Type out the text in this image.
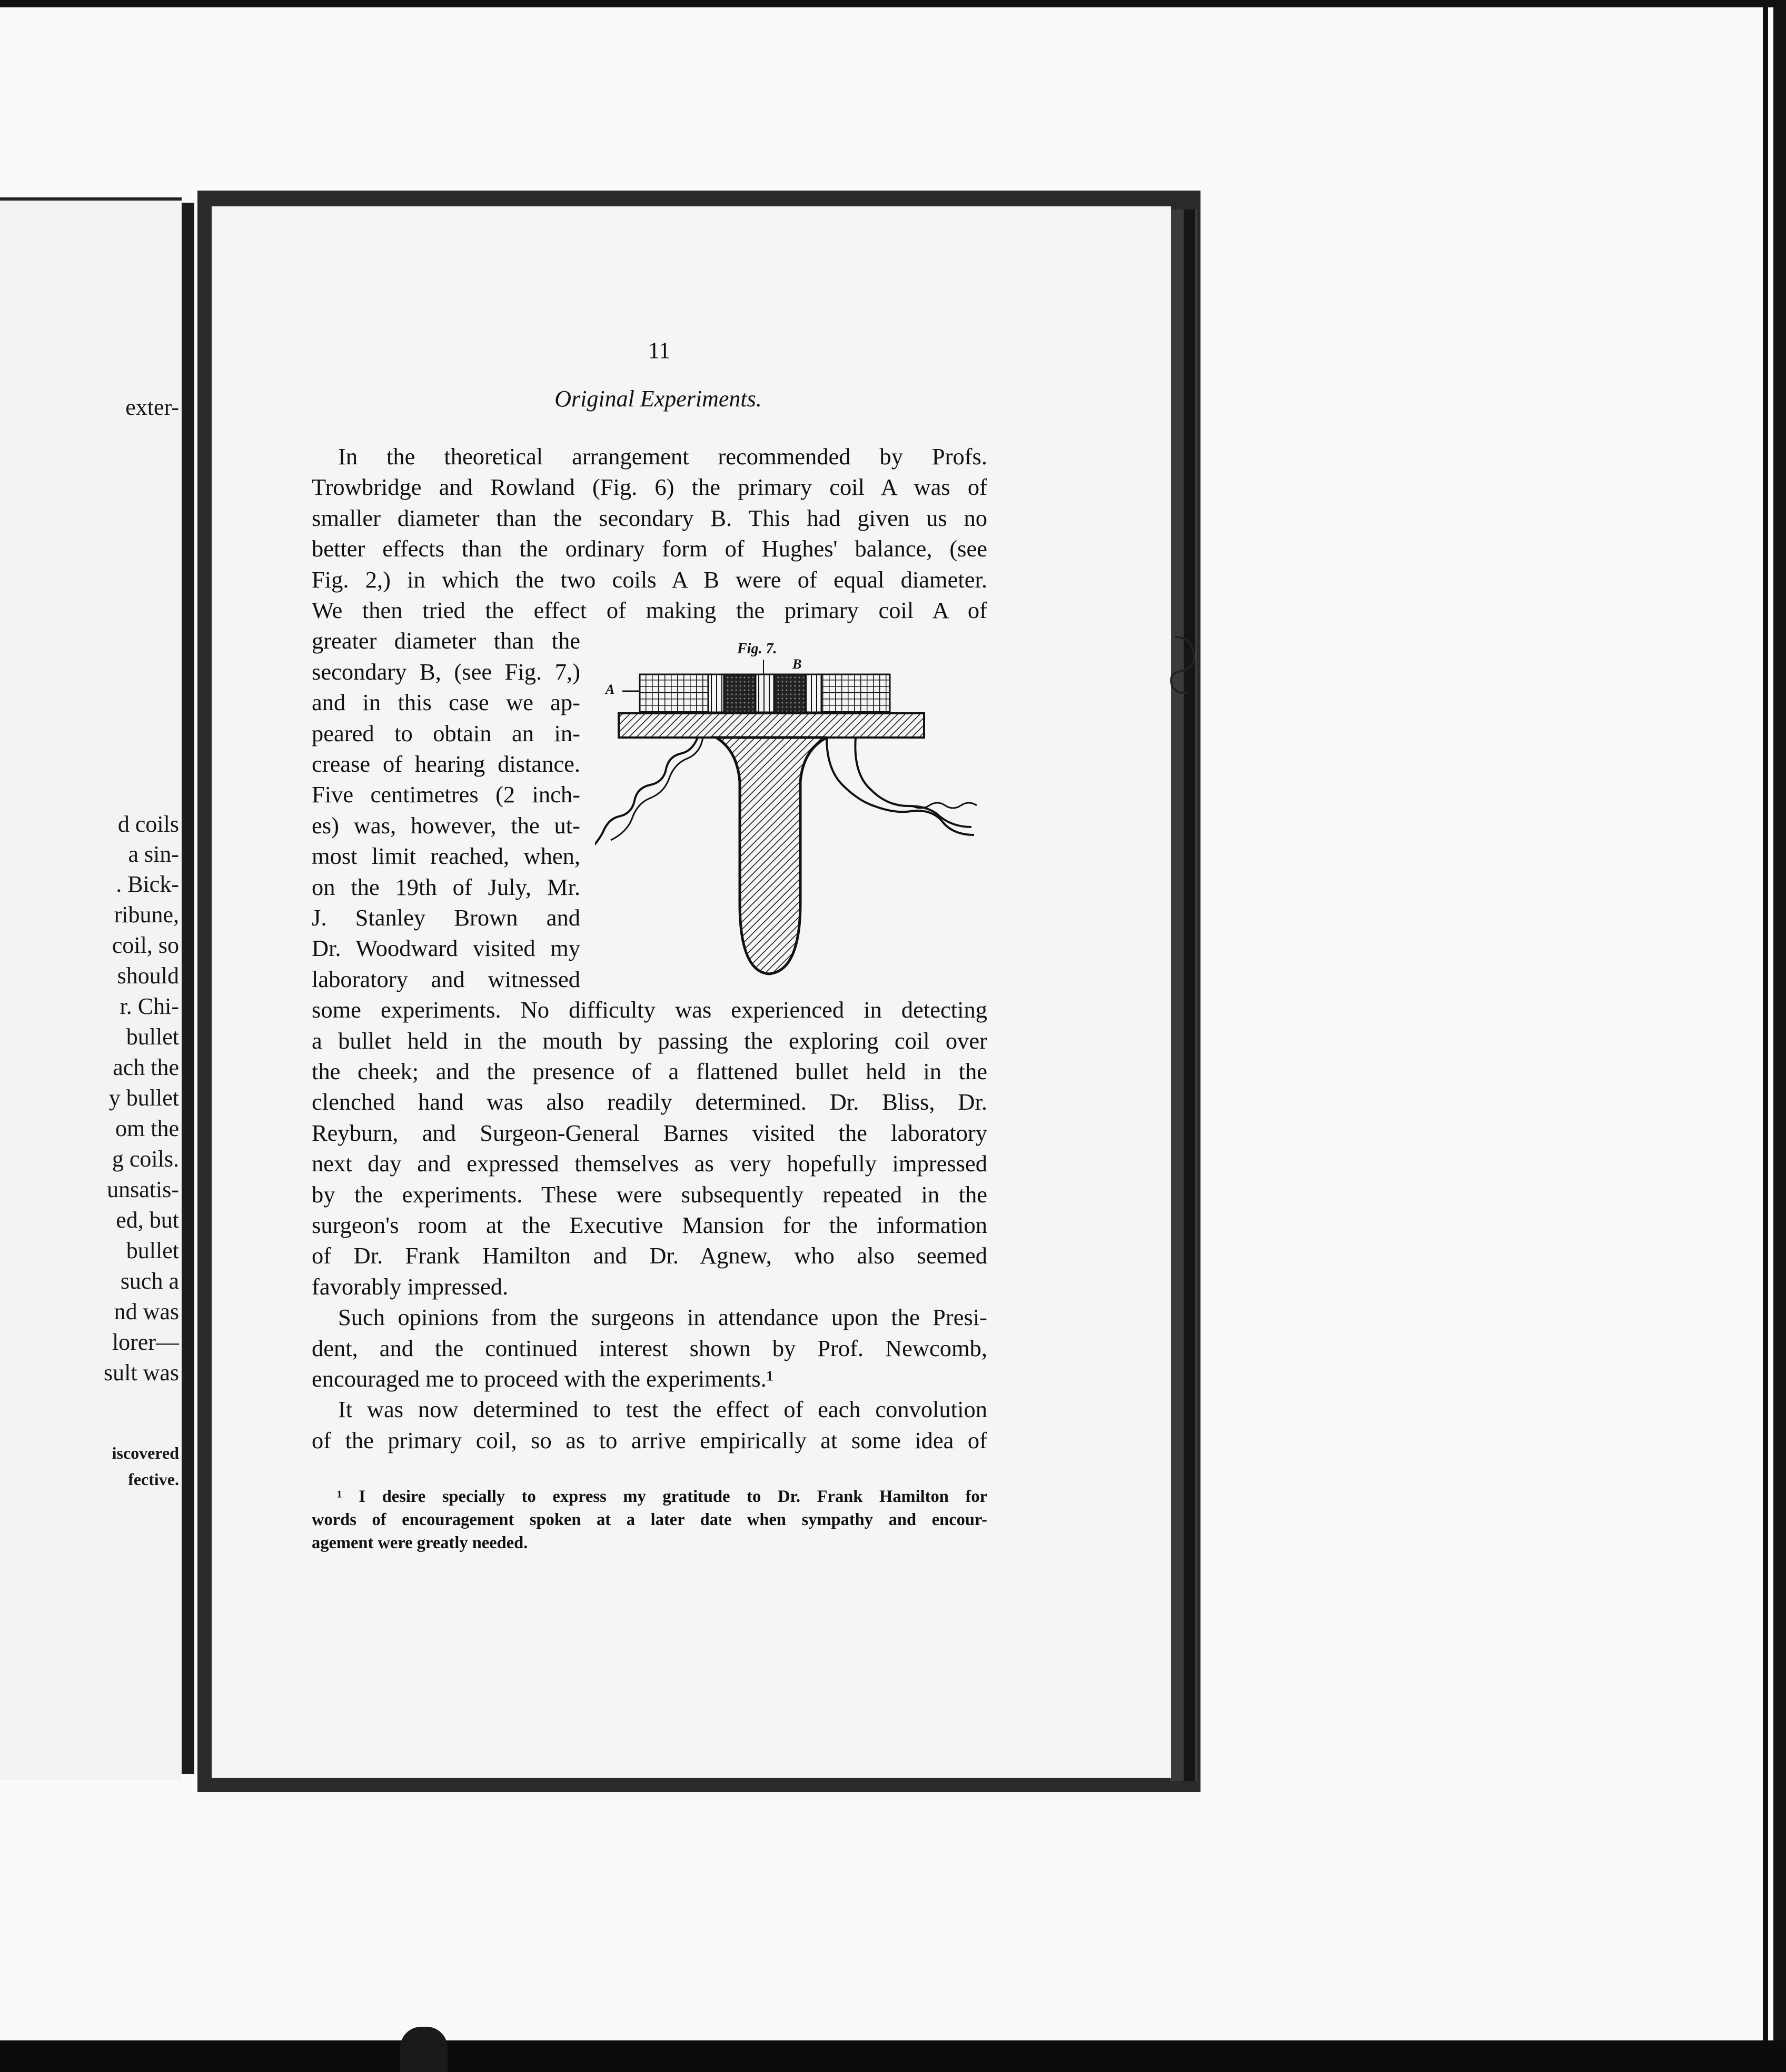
exter-
d coils
a sin-
. Bick-
ribune,
coil, so
should
r. Chi-
bullet
ach the
y bullet
om the
g coils.
unsatis-
ed, but
bullet
such a
nd was
lorer—
sult was
iscovered
fective.
11
Original Experiments.
In the theoretical arrangement recommended by Profs.
Trowbridge and Rowland (Fig. 6) the primary coil A was of
smaller diameter than the secondary B. This had given us no
better effects than the ordinary form of Hughes' balance, (see
Fig. 2,) in which the two coils A B were of equal diameter.
We then tried the effect of making the primary coil A of
greater diameter than the
secondary B, (see Fig. 7,)
and in this case we ap-
peared to obtain an in-
crease of hearing distance.
Five centimetres (2 inch-
es) was, however, the ut-
most limit reached, when,
on the 19th of July, Mr.
J. Stanley Brown and
Dr. Woodward visited my
laboratory and witnessed
some experiments. No difficulty was experienced in detecting
a bullet held in the mouth by passing the exploring coil over
the cheek; and the presence of a flattened bullet held in the
clenched hand was also readily determined. Dr. Bliss, Dr.
Reyburn, and Surgeon-General Barnes visited the laboratory
next day and expressed themselves as very hopefully impressed
by the experiments. These were subsequently repeated in the
surgeon's room at the Executive Mansion for the information
of Dr. Frank Hamilton and Dr. Agnew, who also seemed
favorably impressed.
Such opinions from the surgeons in attendance upon the Presi-
dent, and the continued interest shown by Prof. Newcomb,
encouraged me to proceed with the experiments.¹
It was now determined to test the effect of each convolution
of the primary coil, so as to arrive empirically at some idea of
¹ I desire specially to express my gratitude to Dr. Frank Hamilton for
words of encouragement spoken at a later date when sympathy and encour-
agement were greatly needed.
Fig. 7.
A
B
